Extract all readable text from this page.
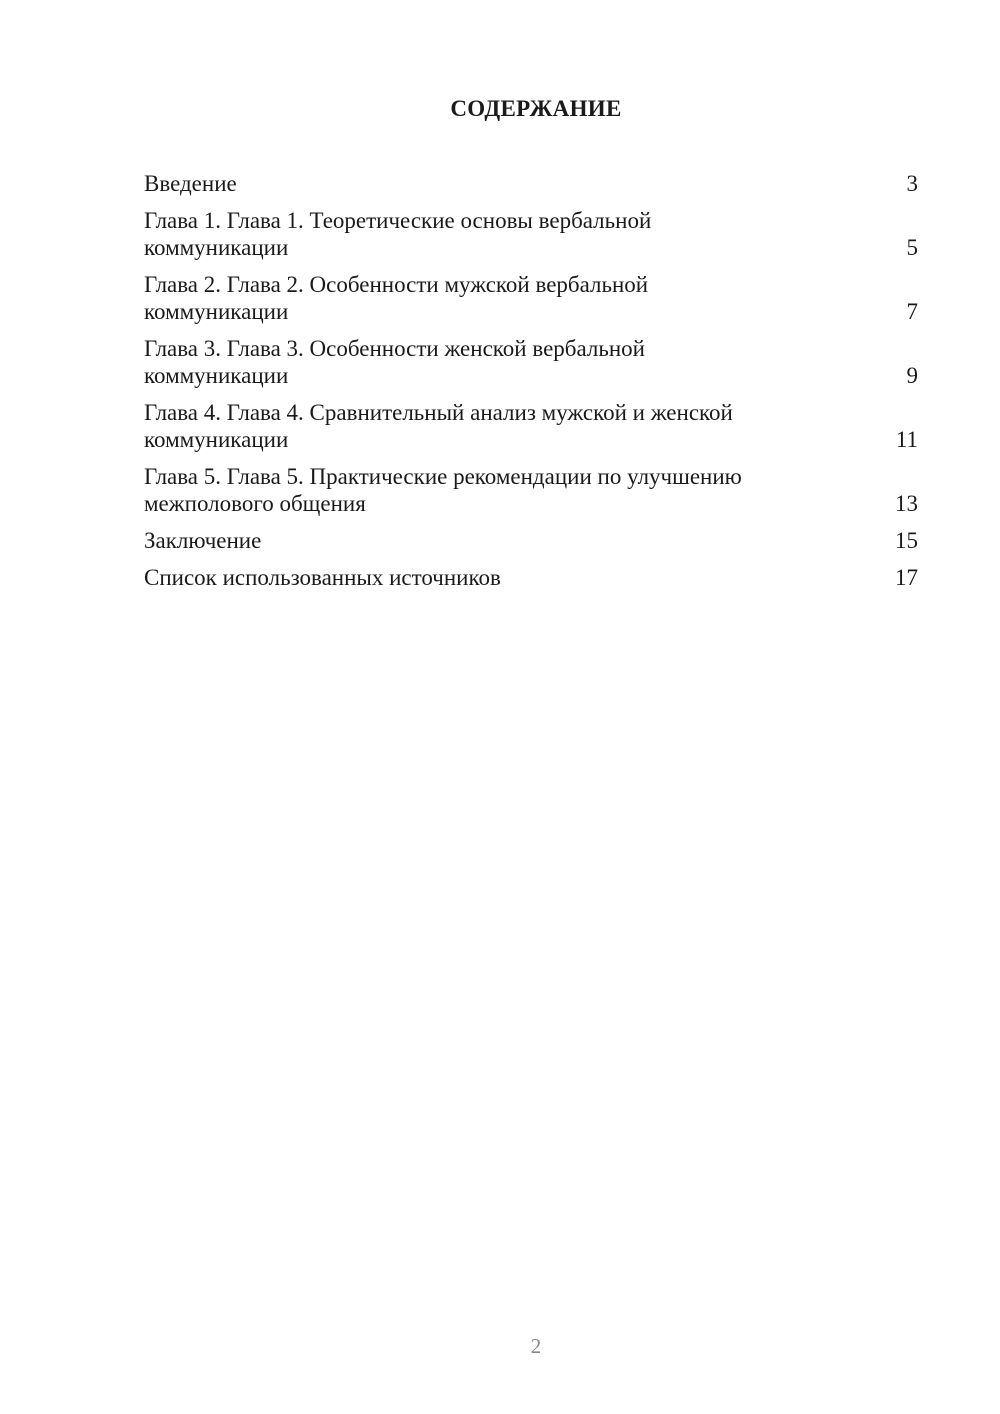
СОДЕРЖАНИЕ
Введение	3
Глава 1. Глава 1. Теоретические основы вербальной
коммуникации	5
Глава 2. Глава 2. Особенности мужской вербальной
коммуникации	7
Глава 3. Глава 3. Особенности женской вербальной
коммуникации	9
Глава 4. Глава 4. Сравнительный анализ мужской и женской
коммуникации	11
Глава 5. Глава 5. Практические рекомендации по улучшению
межполового общения	13
Заключение	15
Список использованных источников	17
2
